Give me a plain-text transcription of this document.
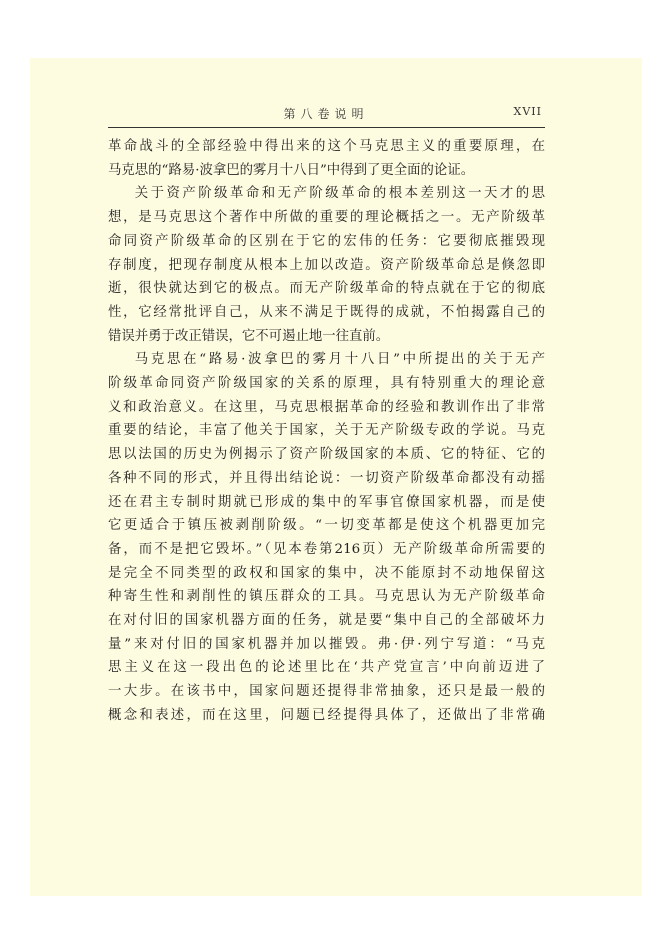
第八卷说明	XVII

革命战斗的全部经验中得出来的这个马克思主义的重要原理，在

马克思的“路易·波拿巴的雾月十八日”中得到了更全面的论证。

关于资产阶级革命和无产阶级革命的根本差别这一天才的思

想，是马克思这个著作中所做的重要的理论概括之一。无产阶级革

命同资产阶级革命的区别在于它的宏伟的任务：它要彻底摧毁现

存制度，把现存制度从根本上加以改造。资产阶级革命总是倏忽即

逝，很快就达到它的极点。而无产阶级革命的特点就在于它的彻底

性，它经常批评自己，从来不满足于既得的成就，不怕揭露自己的

错误并勇于改正错误，它不可遏止地一往直前。

马克思在“路易·波拿巴的雾月十八日”中所提出的关于无产

阶级革命同资产阶级国家的关系的原理，具有特别重大的理论意

义和政治意义。在这里，马克思根据革命的经验和教训作出了非常

重要的结论，丰富了他关于国家，关于无产阶级专政的学说。马克

思以法国的历史为例揭示了资产阶级国家的本质、它的特征、它的

各种不同的形式，并且得出结论说：一切资产阶级革命都没有动摇

还在君主专制时期就已形成的集中的军事官僚国家机器，而是使

它更适合于镇压被剥削阶级。“一切变革都是使这个机器更加完

备，而不是把它毁坏。”（见本卷第216页）无产阶级革命所需要的

是完全不同类型的政权和国家的集中，决不能原封不动地保留这

种寄生性和剥削性的镇压群众的工具。马克思认为无产阶级革命

在对付旧的国家机器方面的任务，就是要“集中自己的全部破坏力

量”来对付旧的国家机器并加以摧毁。弗·伊·列宁写道：“马克

思主义在这一段出色的论述里比在‘共产党宣言’中向前迈进了

一大步。在该书中，国家问题还提得非常抽象，还只是最一般的

概念和表述，而在这里，问题已经提得具体了，还做出了非常确
